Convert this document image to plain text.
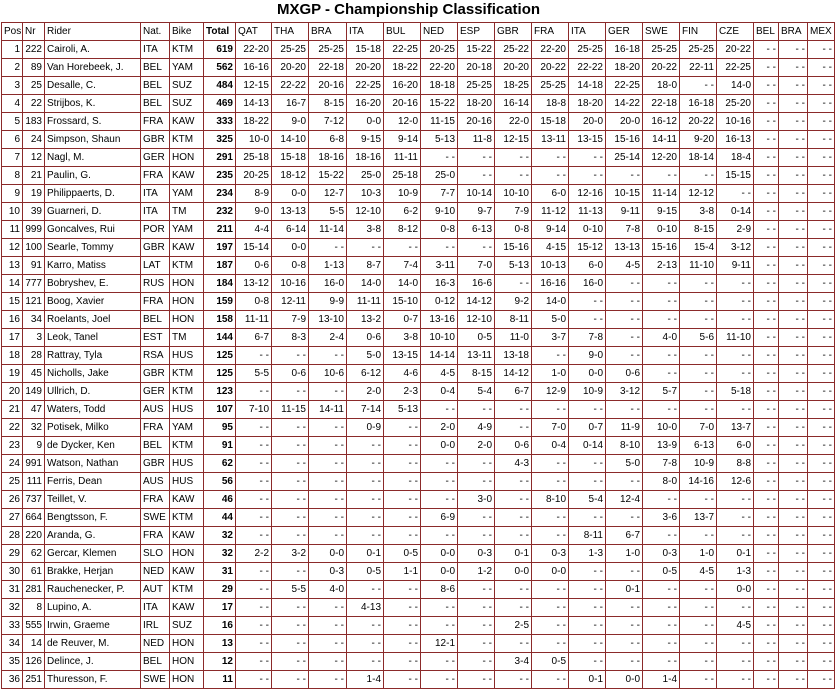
MXGP - Championship Classification
Pos	Nr	Rider	Nat.	Bike	Total	QAT	THA	BRA	ITA	BUL	NED	ESP	GBR	FRA	ITA	GER	SWE	FIN	CZE	BEL	BRA	MEX
1	222	Cairoli, A.	ITA	KTM	619	22-20	25-25	25-25	15-18	22-25	20-25	15-22	25-22	22-20	25-25	16-18	25-25	25-25	20-22	- -	- -	- -
2	89	Van Horebeek, J.	BEL	YAM	562	16-16	20-20	22-18	20-20	18-22	22-20	20-18	20-20	20-22	22-22	18-20	20-22	22-11	22-25	- -	- -	- -
3	25	Desalle, C.	BEL	SUZ	484	12-15	22-22	20-16	22-25	16-20	18-18	25-25	18-25	25-25	14-18	22-25	18-0	- -	14-0	- -	- -	- -
4	22	Strijbos, K.	BEL	SUZ	469	14-13	16-7	8-15	16-20	20-16	15-22	18-20	16-14	18-8	18-20	14-22	22-18	16-18	25-20	- -	- -	- -
5	183	Frossard, S.	FRA	KAW	333	18-22	9-0	7-12	0-0	12-0	11-15	20-16	22-0	15-18	20-0	20-0	16-12	20-22	10-16	- -	- -	- -
6	24	Simpson, Shaun	GBR	KTM	325	10-0	14-10	6-8	9-15	9-14	5-13	11-8	12-15	13-11	13-15	15-16	14-11	9-20	16-13	- -	- -	- -
7	12	Nagl, M.	GER	HON	291	25-18	15-18	18-16	18-16	11-11	- -	- -	- -	- -	- -	25-14	12-20	18-14	18-4	- -	- -	- -
8	21	Paulin, G.	FRA	KAW	235	20-25	18-12	15-22	25-0	25-18	25-0	- -	- -	- -	- -	- -	- -	- -	15-15	- -	- -	- -
9	19	Philippaerts, D.	ITA	YAM	234	8-9	0-0	12-7	10-3	10-9	7-7	10-14	10-10	6-0	12-16	10-15	11-14	12-12	- -	- -	- -	- -
10	39	Guarneri, D.	ITA	TM	232	9-0	13-13	5-5	12-10	6-2	9-10	9-7	7-9	11-12	11-13	9-11	9-15	3-8	0-14	- -	- -	- -
11	999	Goncalves, Rui	POR	YAM	211	4-4	6-14	11-14	3-8	8-12	0-8	6-13	0-8	9-14	0-10	7-8	0-10	8-15	2-9	- -	- -	- -
12	100	Searle, Tommy	GBR	KAW	197	15-14	0-0	- -	- -	- -	- -	- -	15-16	4-15	15-12	13-13	15-16	15-4	3-12	- -	- -	- -
13	91	Karro, Matiss	LAT	KTM	187	0-6	0-8	1-13	8-7	7-4	3-11	7-0	5-13	10-13	6-0	4-5	2-13	11-10	9-11	- -	- -	- -
14	777	Bobryshev, E.	RUS	HON	184	13-12	10-16	16-0	14-0	14-0	16-3	16-6	- -	16-16	16-0	- -	- -	- -	- -	- -	- -	- -
15	121	Boog, Xavier	FRA	HON	159	0-8	12-11	9-9	11-11	15-10	0-12	14-12	9-2	14-0	- -	- -	- -	- -	- -	- -	- -	- -
16	34	Roelants, Joel	BEL	HON	158	11-11	7-9	13-10	13-2	0-7	13-16	12-10	8-11	5-0	- -	- -	- -	- -	- -	- -	- -	- -
17	3	Leok, Tanel	EST	TM	144	6-7	8-3	2-4	0-6	3-8	10-10	0-5	11-0	3-7	7-8	- -	4-0	5-6	11-10	- -	- -	- -
18	28	Rattray, Tyla	RSA	HUS	125	- -	- -	- -	5-0	13-15	14-14	13-11	13-18	- -	9-0	- -	- -	- -	- -	- -	- -	- -
19	45	Nicholls, Jake	GBR	KTM	125	5-5	0-6	10-6	6-12	4-6	4-5	8-15	14-12	1-0	0-0	0-6	- -	- -	- -	- -	- -	- -
20	149	Ullrich, D.	GER	KTM	123	- -	- -	- -	2-0	2-3	0-4	5-4	6-7	12-9	10-9	3-12	5-7	- -	5-18	- -	- -	- -
21	47	Waters, Todd	AUS	HUS	107	7-10	11-15	14-11	7-14	5-13	- -	- -	- -	- -	- -	- -	- -	- -	- -	- -	- -	- -
22	32	Potisek, Milko	FRA	YAM	95	- -	- -	- -	0-9	- -	2-0	4-9	- -	7-0	0-7	11-9	10-0	7-0	13-7	- -	- -	- -
23	9	de Dycker, Ken	BEL	KTM	91	- -	- -	- -	- -	- -	0-0	2-0	0-6	0-4	0-14	8-10	13-9	6-13	6-0	- -	- -	- -
24	991	Watson, Nathan	GBR	HUS	62	- -	- -	- -	- -	- -	- -	- -	4-3	- -	- -	5-0	7-8	10-9	8-8	- -	- -	- -
25	111	Ferris, Dean	AUS	HUS	56	- -	- -	- -	- -	- -	- -	- -	- -	- -	- -	- -	8-0	14-16	12-6	- -	- -	- -
26	737	Teillet, V.	FRA	KAW	46	- -	- -	- -	- -	- -	- -	3-0	- -	8-10	5-4	12-4	- -	- -	- -	- -	- -	- -
27	664	Bengtsson, F.	SWE	KTM	44	- -	- -	- -	- -	- -	6-9	- -	- -	- -	- -	- -	3-6	13-7	- -	- -	- -	- -
28	220	Aranda, G.	FRA	KAW	32	- -	- -	- -	- -	- -	- -	- -	- -	- -	8-11	6-7	- -	- -	- -	- -	- -	- -
29	62	Gercar, Klemen	SLO	HON	32	2-2	3-2	0-0	0-1	0-5	0-0	0-3	0-1	0-3	1-3	1-0	0-3	1-0	0-1	- -	- -	- -
30	61	Brakke, Herjan	NED	KAW	31	- -	- -	0-3	0-5	1-1	0-0	1-2	0-0	0-0	- -	- -	0-5	4-5	1-3	- -	- -	- -
31	281	Rauchenecker, P.	AUT	KTM	29	- -	5-5	4-0	- -	- -	8-6	- -	- -	- -	- -	0-1	- -	- -	0-0	- -	- -	- -
32	8	Lupino, A.	ITA	KAW	17	- -	- -	- -	4-13	- -	- -	- -	- -	- -	- -	- -	- -	- -	- -	- -	- -	- -
33	555	Irwin, Graeme	IRL	SUZ	16	- -	- -	- -	- -	- -	- -	- -	2-5	- -	- -	- -	- -	- -	4-5	- -	- -	- -
34	14	de Reuver, M.	NED	HON	13	- -	- -	- -	- -	- -	12-1	- -	- -	- -	- -	- -	- -	- -	- -	- -	- -	- -
35	126	Delince, J.	BEL	HON	12	- -	- -	- -	- -	- -	- -	- -	3-4	0-5	- -	- -	- -	- -	- -	- -	- -	- -
36	251	Thuresson, F.	SWE	HON	11	- -	- -	- -	1-4	- -	- -	- -	- -	- -	0-1	0-0	1-4	- -	- -	- -	- -	- -
